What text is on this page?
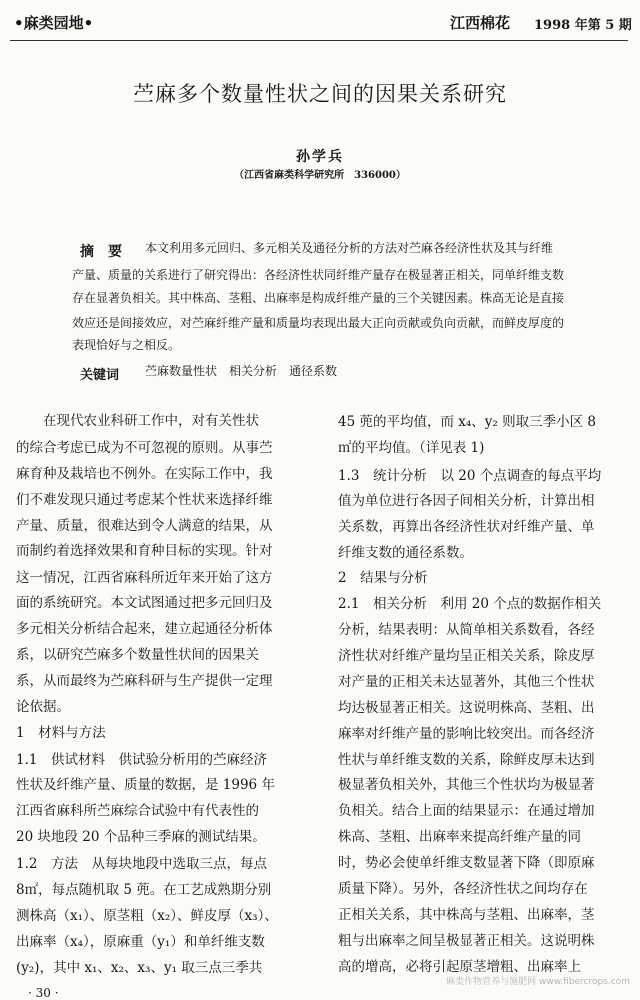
•麻类园地•	江西棉花 1998 年第 5 期
苎麻多个数量性状之间的因果关系研究
孙学兵
（江西省麻类科学研究所　336000）
摘　要 本文利用多元回归、多元相关及通径分析的方法对苎麻各经济性状及其与纤维
产量、质量的关系进行了研究得出：各经济性状同纤维产量存在极显著正相关，同单纤维支数
存在显著负相关。其中株高、茎粗、出麻率是构成纤维产量的三个关键因素。株高无论是直接
效应还是间接效应，对苎麻纤维产量和质量均表现出最大正向贡献或负向贡献，而鲜皮厚度的
表现恰好与之相反。
关键词 苎麻数量性状　相关分析　通径系数
　　在现代农业科研工作中，对有关性状
的综合考虑已成为不可忽视的原则。从事苎
麻育种及栽培也不例外。在实际工作中，我
们不难发现只通过考虑某个性状来选择纤维
产量、质量，很难达到令人满意的结果，从
而制约着选择效果和育种目标的实现。针对
这一情况，江西省麻科所近年来开始了这方
面的系统研究。本文试图通过把多元回归及
多元相关分析结合起来，建立起通径分析体
系，以研究苎麻多个数量性状间的因果关
系，从而最终为苎麻科研与生产提供一定理
论依据。
1　材料与方法
1.1　供试材料　供试验分析用的苎麻经济
性状及纤维产量、质量的数据，是 1996 年
江西省麻科所苎麻综合试验中有代表性的
20 块地段 20 个品种三季麻的测试结果。
1.2　方法　从每块地段中选取三点，每点
8㎡，每点随机取 5 蔸。在工艺成熟期分别
测株高（x₁）、原茎粗（x₂）、鲜皮厚（x₃）、
出麻率（x₄），原麻重（y₁）和单纤维支数
(y₂)，其中 x₁、x₂、x₃、y₁ 取三点三季共
45 蔸的平均值，而 x₄、y₂ 则取三季小区 8
㎡的平均值。（详见表 1)
1.3　统计分析　以 20 个点调查的每点平均
值为单位进行各因子间相关分析，计算出相
关系数，再算出各经济性状对纤维产量、单
纤维支数的通径系数。
2　结果与分析
2.1　相关分析　利用 20 个点的数据作相关
分析，结果表明：从简单相关系数看，各经
济性状对纤维产量均呈正相关关系，除皮厚
对产量的正相关未达显著外，其他三个性状
均达极显著正相关。这说明株高、茎粗、出
麻率对纤维产量的影响比较突出。而各经济
性状与单纤维支数的关系，除鲜皮厚未达到
极显著负相关外，其他三个性状均为极显著
负相关。结合上面的结果显示：在通过增加
株高、茎粗、出麻率来提高纤维产量的同
时，势必会使单纤维支数显著下降（即原麻
质量下降）。另外，各经济性状之间均存在
正相关关系，其中株高与茎粗、出麻率，茎
粗与出麻率之间呈极显著正相关。这说明株
高的增高，必将引起原茎增粗、出麻率上
· 30 ·
麻类作物营养与施肥网 www.fibercrops.com
